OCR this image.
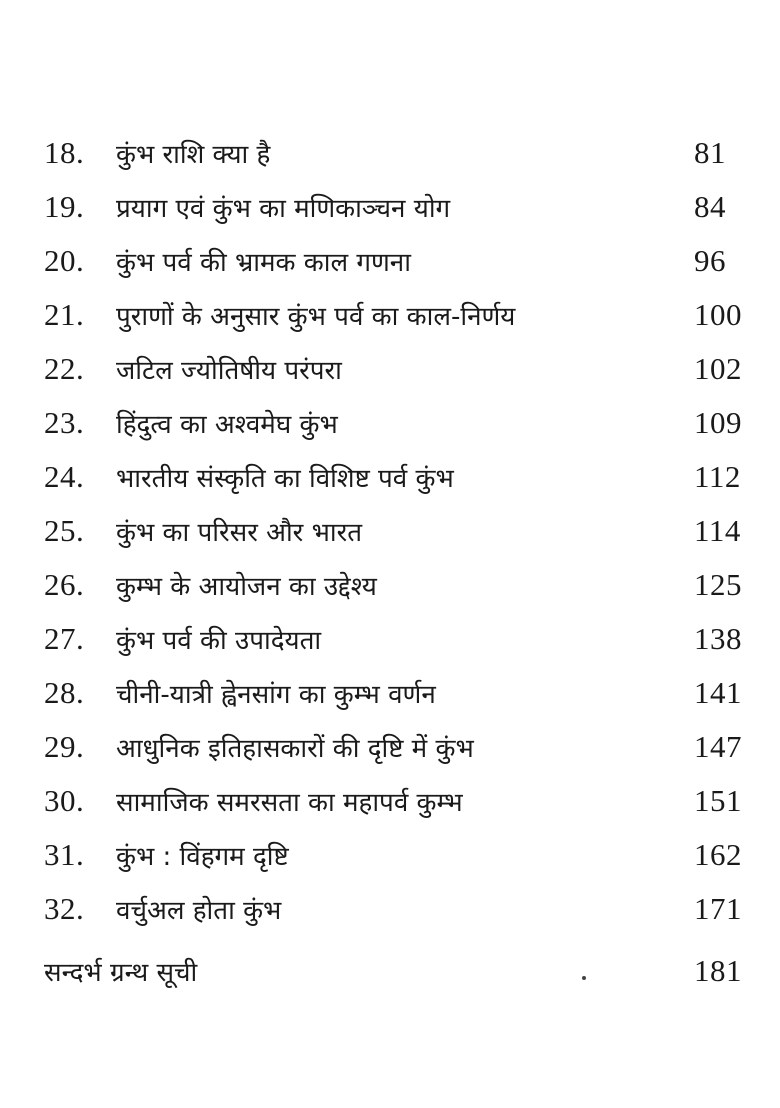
18.	कुंभ राशि क्या है	81
19.	प्रयाग एवं कुंभ का मणिकाञ्चन योग	84
20.	कुंभ पर्व की भ्रामक काल गणना	96
21.	पुराणों के अनुसार कुंभ पर्व का काल-निर्णय	100
22.	जटिल ज्योतिषीय परंपरा	102
23.	हिंदुत्व का अश्वमेघ कुंभ	109
24.	भारतीय संस्कृति का विशिष्ट पर्व कुंभ	112
25.	कुंभ का परिसर और भारत	114
26.	कुम्भ के आयोजन का उद्देश्य	125
27.	कुंभ पर्व की उपादेयता	138
28.	चीनी-यात्री ह्वेनसांग का कुम्भ वर्णन	141
29.	आधुनिक इतिहासकारों की दृष्टि में कुंभ	147
30.	सामाजिक समरसता का महापर्व कुम्भ	151
31.	कुंभ : विंहगम दृष्टि	162
32.	वर्चुअल होता कुंभ	171
सन्दर्भ ग्रन्थ सूची	181
